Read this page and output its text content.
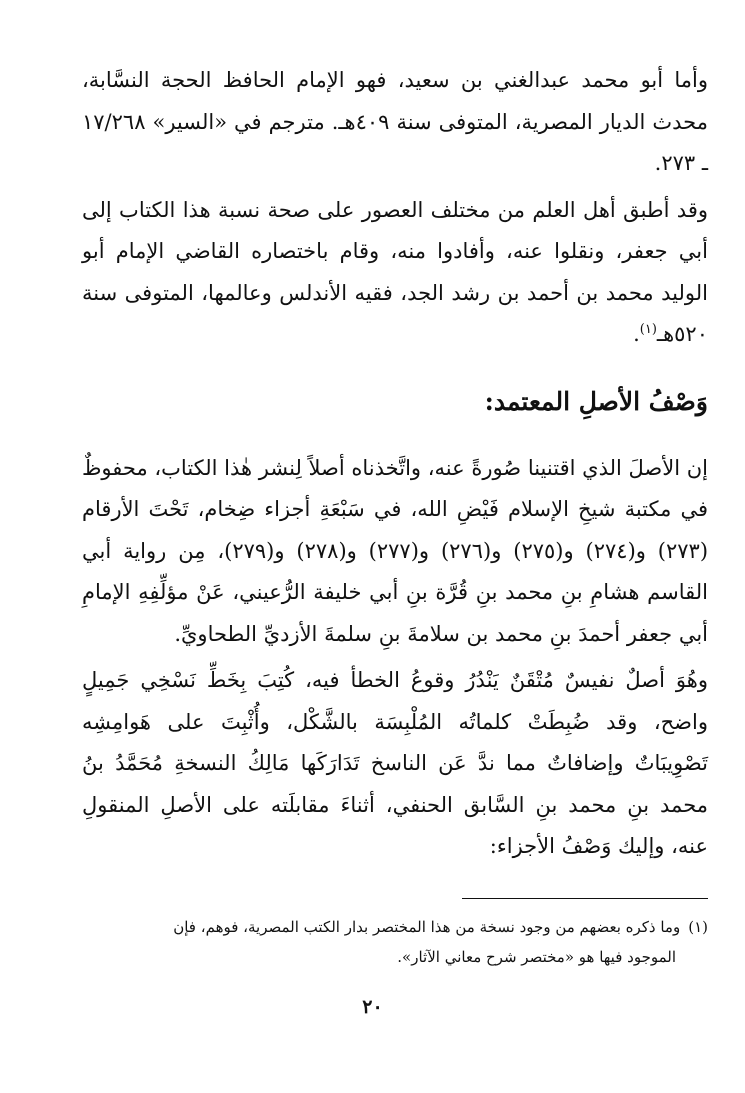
وأما أبو محمد عبدالغني بن سعيد، فهو الإمام الحافظ الحجة النسَّابة، محدث الديار المصرية، المتوفى سنة ٤٠٩هـ. مترجم في «السير» ١٧/٢٦٨ ـ ٢٧٣.

وقد أطبق أهل العلم من مختلف العصور على صحة نسبة هذا الكتاب إلى أبي جعفر، ونقلوا عنه، وأفادوا منه، وقام باختصاره القاضي الإمام أبو الوليد محمد بن أحمد بن رشد الجد، فقيه الأندلس وعالمها، المتوفى سنة ٥٢٠هـ$^{(١)}$.

وَصْفُ الأصلِ المعتمد:

إن الأصلَ الذي اقتنينا صُورةً عنه، واتَّخذناه أصلاً لِنشر هٰذا الكتاب، محفوظٌ في مكتبة شيخِ الإسلام فَيْضِ الله، في سَبْعَةِ أجزاء ضِخام، تَحْتَ الأرقام (٢٧٣) و(٢٧٤) و(٢٧٥) و(٢٧٦) و(٢٧٧) و(٢٧٨) و(٢٧٩)، مِن رواية أبي القاسم هشامِ بنِ محمد بنِ قُرَّة بنِ أبي خليفة الرُّعيني، عَنْ مؤلِّفِهِ الإمامِ أبي جعفر أحمدَ بنِ محمد بن سلامةَ بنِ سلمةَ الأزديِّ الطحاويِّ.

وهُوَ أصلٌ نفيسٌ مُتْقَنٌ يَنْدُرُ وقوعُ الخطأ فيه، كُتِبَ بِخَطِّ نَسْخِي جَمِيلٍ واضح، وقد ضُبِطَتْ كلماتُه المُلْبِسَة بالشَّكْل، وأُثْبِتَ على هَوامِشِه تَصْوِيبَاتٌ وإضافاتٌ مما ندَّ عَن الناسخ تَدَارَكَها مَالِكُ النسخةِ مُحَمَّدُ بنُ محمد بنِ محمد بنِ السَّابق الحنفي، أثناءَ مقابلَته على الأصلِ المنقولِ عنه، وإليك وَصْفُ الأجزاء:

(١)وما ذكره بعضهم من وجود نسخة من هذا المختصر بدار الكتب المصرية، فوهم، فإن
الموجود فيها هو «مختصر شرح معاني الآثار».
٢٠
